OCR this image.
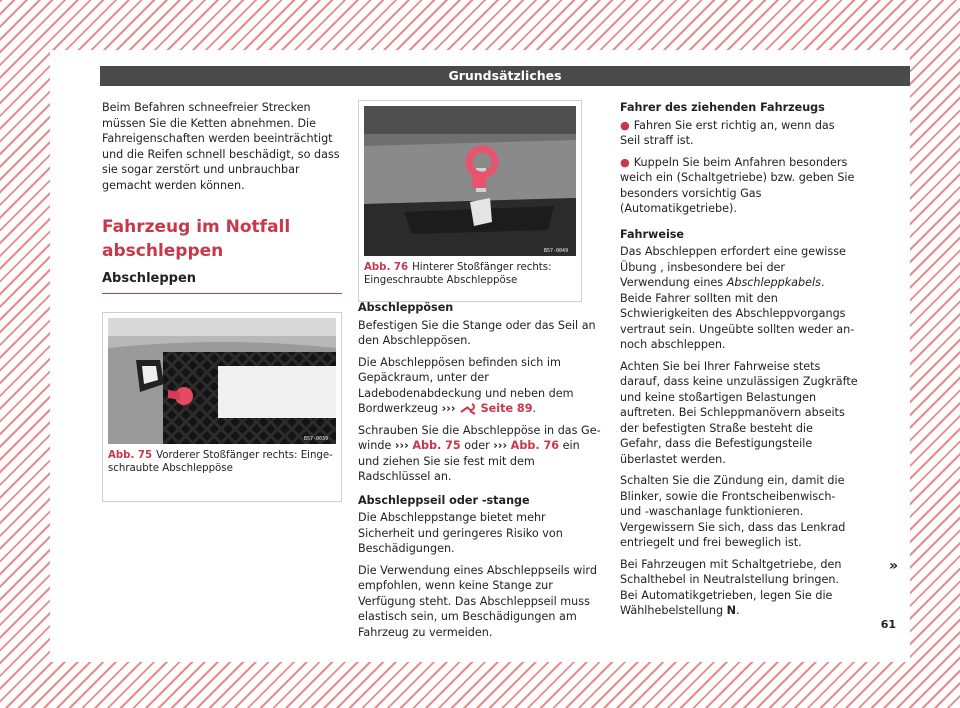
Grundsätzliches

Beim Befahren schneefreier Strecken müssen Sie die Ketten abnehmen. Die Fahreigenschaften werden beeinträchtigt und die Reifen schnell beschädigt, so dass sie sogar zerstört und unbrauchbar gemacht werden können.

Fahrzeug im Notfall abschleppen
Abschleppen
B57-0039
Abb. 75 Vorderer Stoßfänger rechts: Eingeschraubte Abschleppöse
B57-0049
Abb. 76 Hinterer Stoßfänger rechts: Eingeschraubte Abschleppöse

Abschleppösen

Befestigen Sie die Stange oder das Seil an den Abschleppösen.

Die Abschleppösen befinden sich im Gepäckraum, unter der Ladebodenabdeckung und neben dem Bordwerkzeug ››› Seite 89.

Schrauben Sie die Abschleppöse in das Gewinde ››› Abb. 75 oder ››› Abb. 76 ein und ziehen Sie sie fest mit dem Radschlüssel an.

Abschleppseil oder -stange

Die Abschleppstange bietet mehr Sicherheit und geringeres Risiko von Beschädigungen.

Die Verwendung eines Abschleppseils wird empfohlen, wenn keine Stange zur Verfügung steht. Das Abschleppseil muss elastisch sein, um Beschädigungen am Fahrzeug zu vermeiden.

Fahrer des ziehenden Fahrzeugs

● Fahren Sie erst richtig an, wenn das Seil straff ist.

● Kuppeln Sie beim Anfahren besonders weich ein (Schaltgetriebe) bzw. geben Sie besonders vorsichtig Gas (Automatikgetriebe).

Fahrweise

Das Abschleppen erfordert eine gewisse Übung , insbesondere bei der Verwendung eines Abschleppkabels. Beide Fahrer sollten mit den Schwierigkeiten des Abschleppvorgangs vertraut sein. Ungeübte sollten weder an- noch abschleppen.

Achten Sie bei Ihrer Fahrweise stets darauf, dass keine unzulässigen Zugkräfte und keine stoßartigen Belastungen auftreten. Bei Schleppmanövern abseits der befestigten Straße besteht die Gefahr, dass die Befestigungsteile überlastet werden.

Schalten Sie die Zündung ein, damit die Blinker, sowie die Frontscheibenwisch- und -waschanlage funktionieren. Vergewissern Sie sich, dass das Lenkrad entriegelt und frei beweglich ist.

Bei Fahrzeugen mit Schaltgetriebe, den Schalthebel in Neutralstellung bringen. Bei Automatikgetrieben, legen Sie die Wählhebelstellung N.

»
61
